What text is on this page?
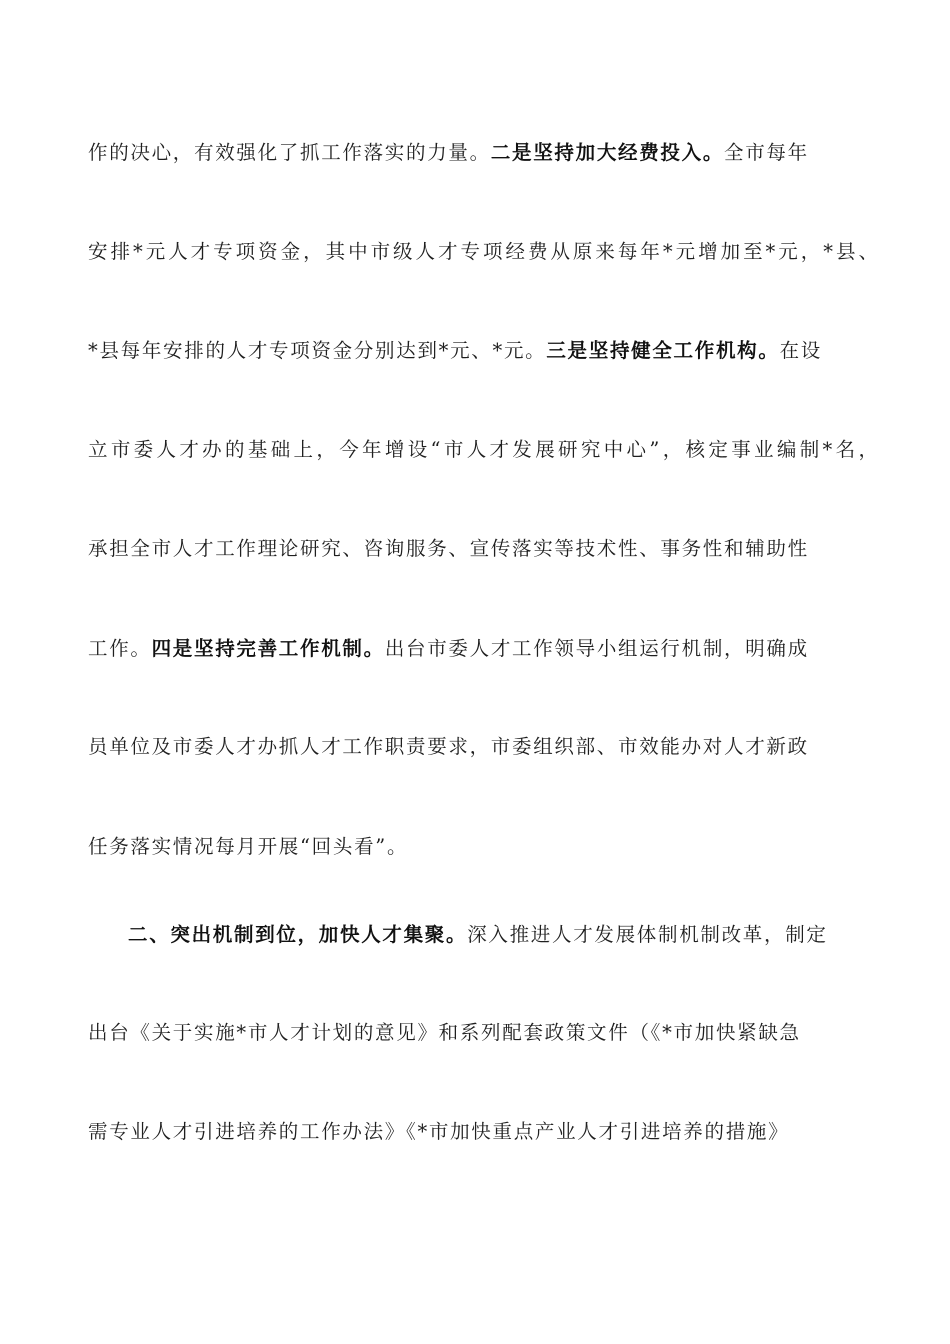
作的决心，有效强化了抓工作落实的力量。二是坚持加大经费投入。全市每年
安排*元人才专项资金，其中市级人才专项经费从原来每年*元增加至*元，*县、
*县每年安排的人才专项资金分别达到*元、*元。三是坚持健全工作机构。在设
立市委人才办的基础上，今年增设“市人才发展研究中心”，核定事业编制*名，
承担全市人才工作理论研究、咨询服务、宣传落实等技术性、事务性和辅助性
工作。四是坚持完善工作机制。出台市委人才工作领导小组运行机制，明确成
员单位及市委人才办抓人才工作职责要求，市委组织部、市效能办对人才新政
任务落实情况每月开展“回头看”。
二、突出机制到位，加快人才集聚。深入推进人才发展体制机制改革，制定
出台《关于实施*市人才计划的意见》和系列配套政策文件（《*市加快紧缺急
需专业人才引进培养的工作办法》《*市加快重点产业人才引进培养的措施》
